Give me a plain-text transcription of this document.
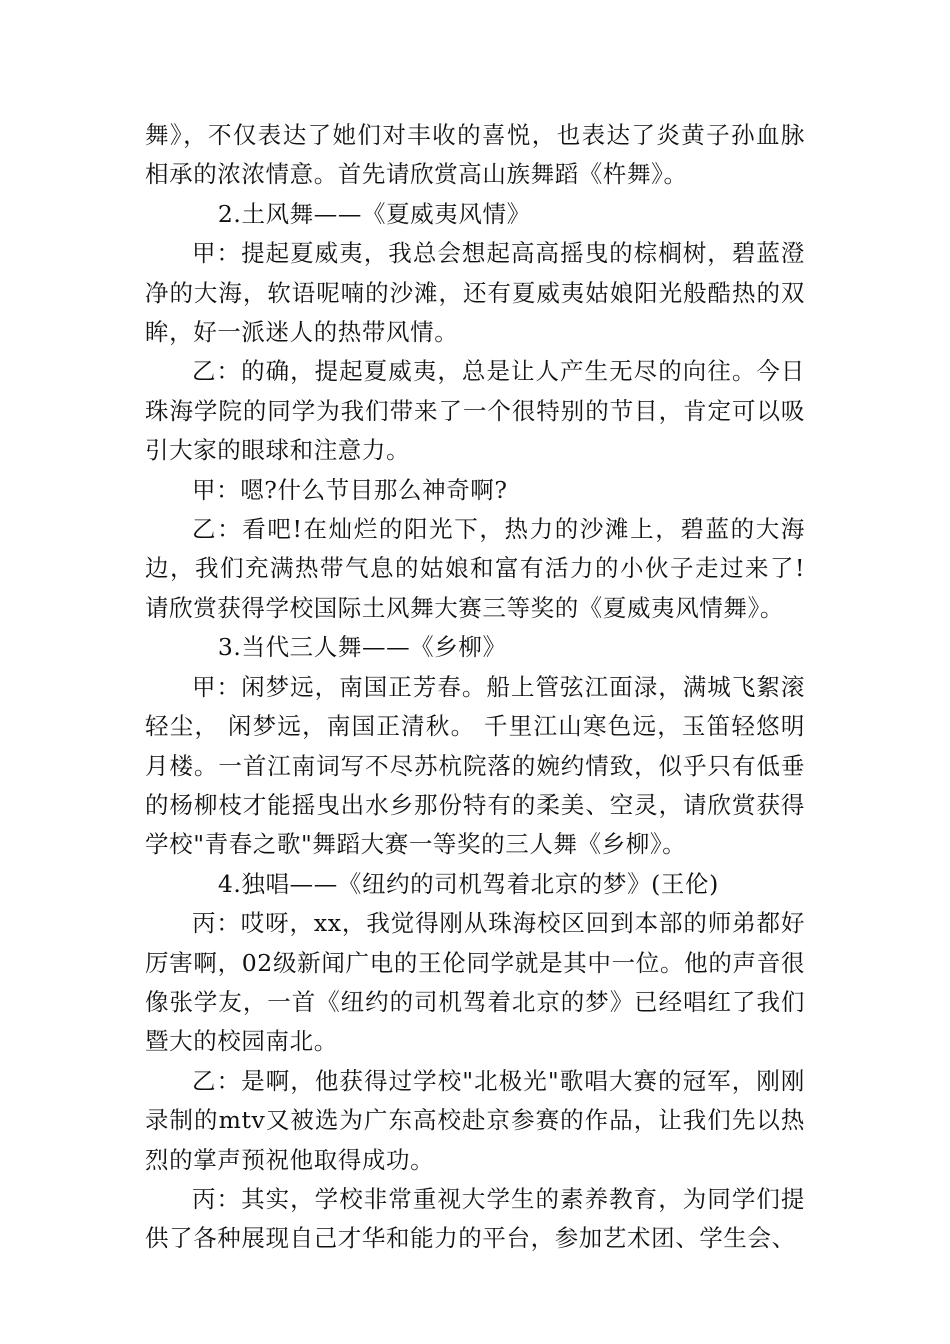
舞》，不仅表达了她们对丰收的喜悦，也表达了炎黄子孙血脉相承的浓浓情意。首先请欣赏高山族舞蹈《杵舞》。

2.土风舞——《夏威夷风情》

甲：提起夏威夷，我总会想起高高摇曳的棕榈树，碧蓝澄净的大海，软语呢喃的沙滩，还有夏威夷姑娘阳光般酷热的双眸，好一派迷人的热带风情。

乙：的确，提起夏威夷，总是让人产生无尽的向往。今日珠海学院的同学为我们带来了一个很特别的节目，肯定可以吸引大家的眼球和注意力。

甲：嗯?什么节目那么神奇啊?

乙：看吧!在灿烂的阳光下，热力的沙滩上，碧蓝的大海边，我们充满热带气息的姑娘和富有活力的小伙子走过来了!请欣赏获得学校国际土风舞大赛三等奖的《夏威夷风情舞》。

3.当代三人舞——《乡柳》

甲：闲梦远，南国正芳春。船上管弦江面渌，满城飞絮滚轻尘， 闲梦远，南国正清秋。 千里江山寒色远，玉笛轻悠明月楼。一首江南词写不尽苏杭院落的婉约情致，似乎只有低垂的杨柳枝才能摇曳出水乡那份特有的柔美、空灵，请欣赏获得学校"青春之歌"舞蹈大赛一等奖的三人舞《乡柳》。

4.独唱——《纽约的司机驾着北京的梦》(王伦)

丙：哎呀，xx，我觉得刚从珠海校区回到本部的师弟都好厉害啊，02级新闻广电的王伦同学就是其中一位。他的声音很像张学友，一首《纽约的司机驾着北京的梦》已经唱红了我们暨大的校园南北。

乙：是啊，他获得过学校"北极光"歌唱大赛的冠军，刚刚录制的mtv又被选为广东高校赴京参赛的作品，让我们先以热烈的掌声预祝他取得成功。

丙：其实，学校非常重视大学生的素养教育，为同学们提供了各种展现自己才华和能力的平台，参加艺术团、学生会、
